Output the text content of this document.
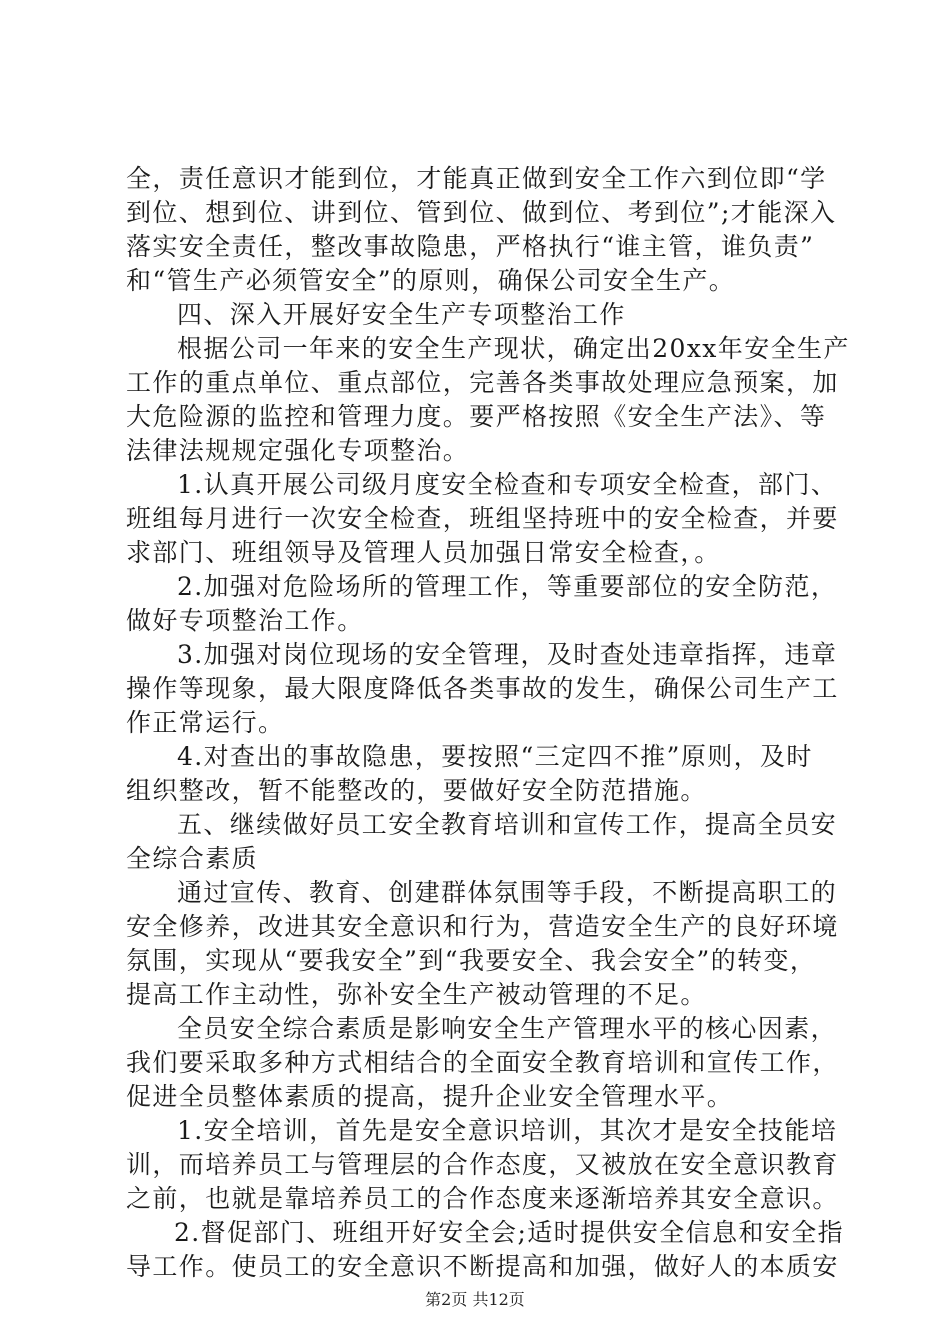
全，责任意识才能到位，才能真正做到安全工作六到位即“学
到位、想到位、讲到位、管到位、做到位、考到位”;才能深入
落实安全责任，整改事故隐患，严格执行“谁主管，谁负责”
和“管生产必须管安全”的原则，确保公司安全生产。
四、深入开展好安全生产专项整治工作
根据公司一年来的安全生产现状，确定出20xx年安全生产
工作的重点单位、重点部位，完善各类事故处理应急预案，加
大危险源的监控和管理力度。要严格按照《安全生产法》、等
法律法规规定强化专项整治。
1.认真开展公司级月度安全检查和专项安全检查，部门、
班组每月进行一次安全检查，班组坚持班中的安全检查，并要
求部门、班组领导及管理人员加强日常安全检查，。
2.加强对危险场所的管理工作，等重要部位的安全防范，
做好专项整治工作。
3.加强对岗位现场的安全管理，及时查处违章指挥，违章
操作等现象，最大限度降低各类事故的发生，确保公司生产工
作正常运行。
4.对查出的事故隐患，要按照“三定四不推”原则，及时
组织整改，暂不能整改的，要做好安全防范措施。
五、继续做好员工安全教育培训和宣传工作，提高全员安
全综合素质
通过宣传、教育、创建群体氛围等手段，不断提高职工的
安全修养，改进其安全意识和行为，营造安全生产的良好环境
氛围，实现从“要我安全”到“我要安全、我会安全”的转变，
提高工作主动性，弥补安全生产被动管理的不足。
全员安全综合素质是影响安全生产管理水平的核心因素，
我们要采取多种方式相结合的全面安全教育培训和宣传工作，
促进全员整体素质的提高，提升企业安全管理水平。
1.安全培训，首先是安全意识培训，其次才是安全技能培
训，而培养员工与管理层的合作态度，又被放在安全意识教育
之前，也就是靠培养员工的合作态度来逐渐培养其安全意识。
2.督促部门、班组开好安全会;适时提供安全信息和安全指
导工作。使员工的安全意识不断提高和加强，做好人的本质安
第2页 共12页
